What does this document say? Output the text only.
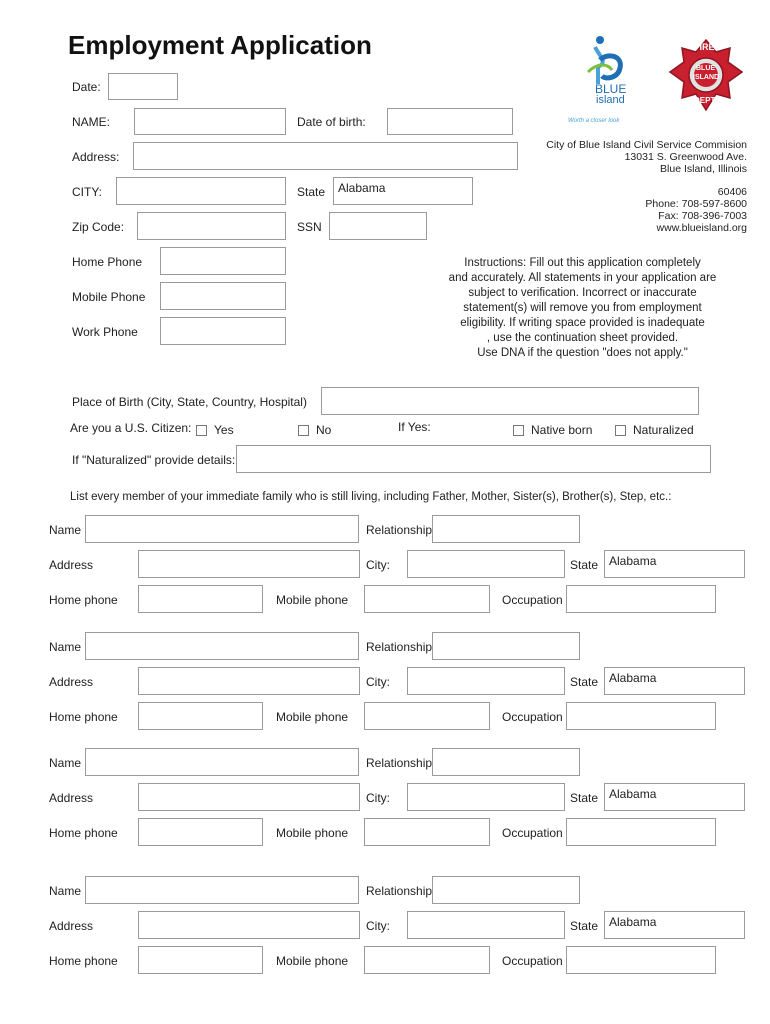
Employment Application
BLUE
island
Worth a closer look
FIRE
BLUE
ISLAND
DEPT.
City of Blue Island Civil Service Commision
13031 S. Greenwood Ave.
Blue Island, Illinois
60406
Phone: 708-597-8600
Fax: 708-396-7003
www.blueisland.org
Instructions: Fill out this application completely
and accurately. All statements in your application are
subject to verification. Incorrect or inaccurate
statement(s) will remove you from employment
eligibility. If writing space provided is inadequate
, use the continuation sheet provided.
Use DNA if the question "does not apply."
Date:
NAME:	Date of birth:
Address:
CITY:	State	Alabama
Zip Code:	SSN
Home Phone
Mobile Phone
Work Phone
Place of Birth (City, State, Country, Hospital)
Are you a U.S. Citizen: Yes	No	If Yes:	Native born	Naturalized
If "Naturalized" provide details:
List every member of your immediate family who is still living, including Father, Mother, Sister(s), Brother(s), Step, etc.:
Name	Relationship
Address	City:	State Alabama
Home phone	Mobile phone	Occupation
Name	Relationship
Address	City:	State Alabama
Home phone	Mobile phone	Occupation
Name	Relationship
Address	City:	State Alabama
Home phone	Mobile phone	Occupation
Name	Relationship
Address	City:	State Alabama
Home phone	Mobile phone	Occupation
